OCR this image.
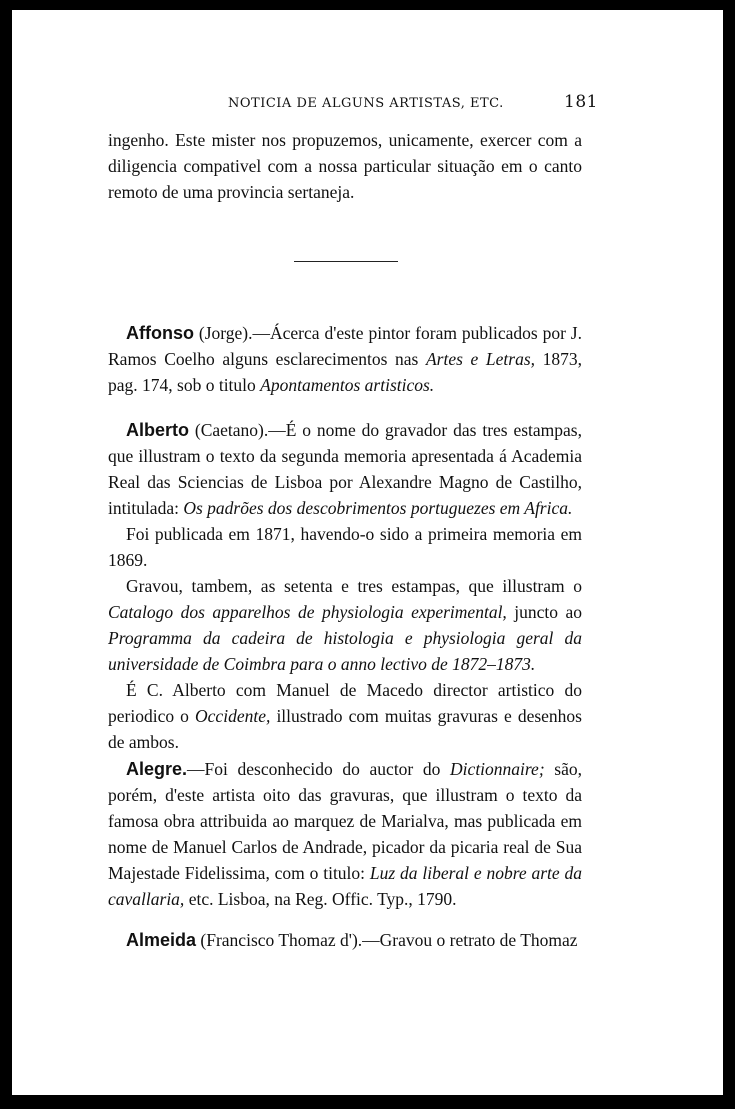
NOTICIA DE ALGUNS ARTISTAS, ETC.	181

ingenho. Este mister nos propuzemos, unicamente, exercer com a diligencia compativel com a nossa particular situação em o canto remoto de uma provincia sertaneja.

Affonso (Jorge).—Ácerca d'este pintor foram publicados por J. Ramos Coelho alguns esclarecimentos nas Artes e Letras, 1873, pag. 174, sob o titulo Apontamentos artisticos.

Alberto (Caetano).—É o nome do gravador das tres estampas, que illustram o texto da segunda memoria apresentada á Academia Real das Sciencias de Lisboa por Alexandre Magno de Castilho, intitulada: Os padrões dos descobrimentos portuguezes em Africa.

Foi publicada em 1871, havendo-o sido a primeira memoria em 1869.

Gravou, tambem, as setenta e tres estampas, que illustram o Catalogo dos apparelhos de physiologia experimental, juncto ao Programma da cadeira de histologia e physiologia geral da universidade de Coimbra para o anno lectivo de 1872–1873.

É C. Alberto com Manuel de Macedo director artistico do periodico o Occidente, illustrado com muitas gravuras e desenhos de ambos.

Alegre.—Foi desconhecido do auctor do Dictionnaire; são, porém, d'este artista oito das gravuras, que illustram o texto da famosa obra attribuida ao marquez de Marialva, mas publicada em nome de Manuel Carlos de Andrade, picador da picaria real de Sua Majestade Fidelissima, com o titulo: Luz da liberal e nobre arte da cavallaria, etc. Lisboa, na Reg. Offic. Typ., 1790.

Almeida (Francisco Thomaz d').—Gravou o retrato de Thomaz
